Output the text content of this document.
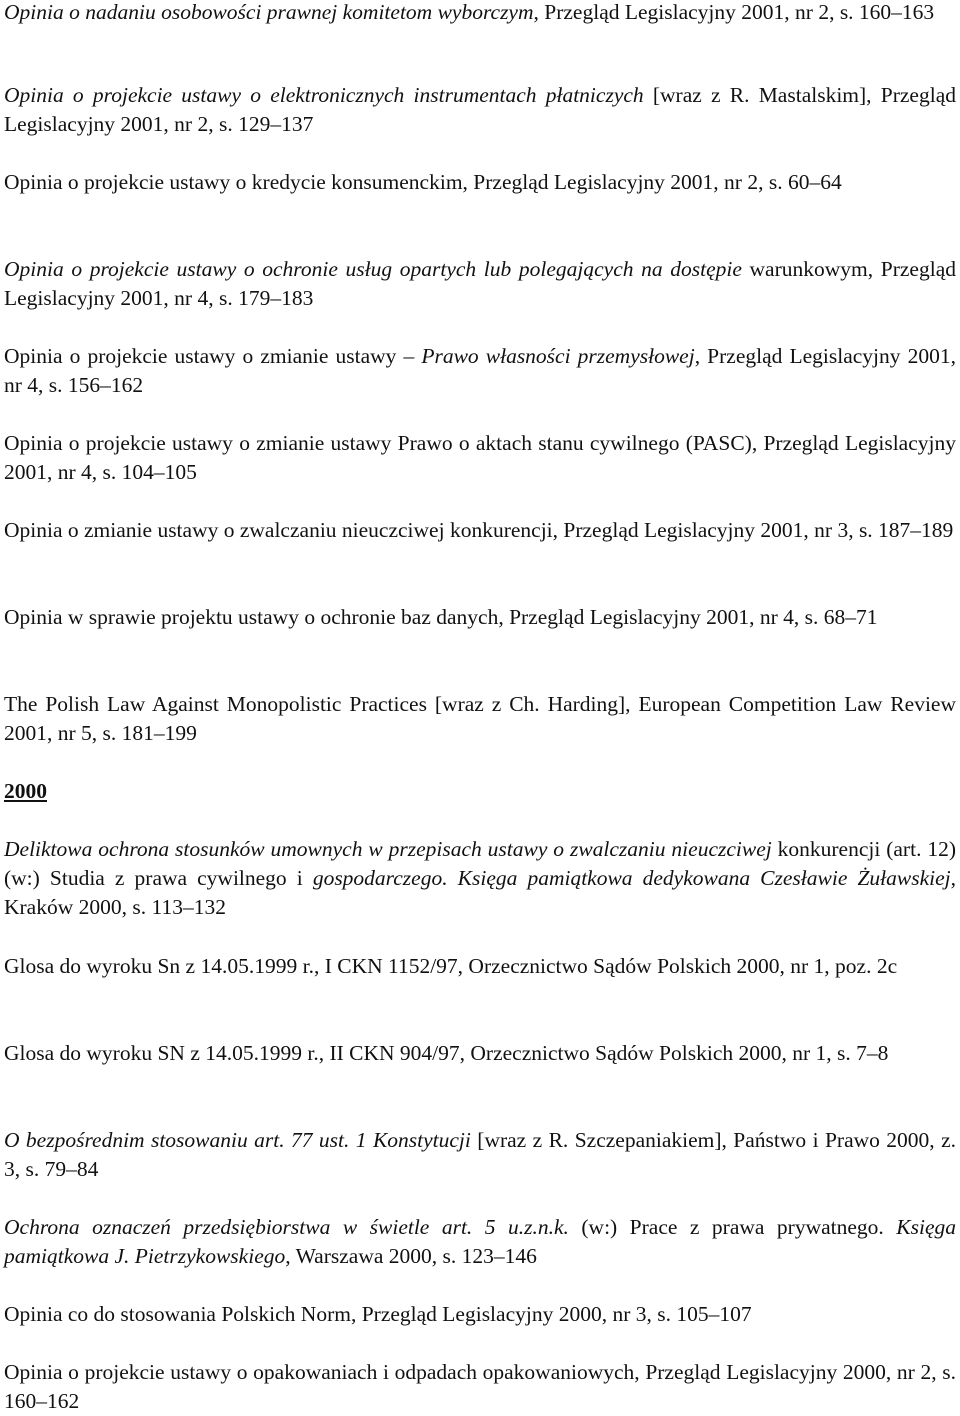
Opinia o nadaniu osobowości prawnej komitetom wyborczym, Przegląd Legislacyjny 2001, nr 2, s. 160–163

Opinia o projekcie ustawy o elektronicznych instrumentach płatniczych [wraz z R. Mastalskim], Przegląd Legislacyjny 2001, nr 2, s. 129–137

Opinia o projekcie ustawy o kredycie konsumenckim, Przegląd Legislacyjny 2001, nr 2, s. 60–64

Opinia o projekcie ustawy o ochronie usług opartych lub polegających na dostępie warunkowym, Przegląd Legislacyjny 2001, nr 4, s. 179–183

Opinia o projekcie ustawy o zmianie ustawy – Prawo własności przemysłowej, Przegląd Legislacyjny 2001, nr 4, s. 156–162

Opinia o projekcie ustawy o zmianie ustawy Prawo o aktach stanu cywilnego (PASC), Przegląd Legislacyjny 2001, nr 4, s. 104–105

Opinia o zmianie ustawy o zwalczaniu nieuczciwej konkurencji, Przegląd Legislacyjny 2001, nr 3, s. 187–189

Opinia w sprawie projektu ustawy o ochronie baz danych, Przegląd Legislacyjny 2001, nr 4, s. 68–71

The Polish Law Against Monopolistic Practices [wraz z Ch. Harding], European Competition Law Review 2001, nr 5, s. 181–199

2000

Deliktowa ochrona stosunków umownych w przepisach ustawy o zwalczaniu nieuczciwej konkurencji (art. 12) (w:) Studia z prawa cywilnego i gospodarczego. Księga pamiątkowa dedykowana Czesławie Żuławskiej, Kraków 2000, s. 113–132

Glosa do wyroku Sn z 14.05.1999 r., I CKN 1152/97, Orzecznictwo Sądów Polskich 2000, nr 1, poz. 2c

Glosa do wyroku SN z 14.05.1999 r., II CKN 904/97, Orzecznictwo Sądów Polskich 2000, nr 1, s. 7–8

O bezpośrednim stosowaniu art. 77 ust. 1 Konstytucji [wraz z R. Szczepaniakiem], Państwo i Prawo 2000, z. 3, s. 79–84

Ochrona oznaczeń przedsiębiorstwa w świetle art. 5 u.z.n.k. (w:) Prace z prawa prywatnego. Księga pamiątkowa J. Pietrzykowskiego, Warszawa 2000, s. 123–146

Opinia co do stosowania Polskich Norm, Przegląd Legislacyjny 2000, nr 3, s. 105–107

Opinia o projekcie ustawy o opakowaniach i odpadach opakowaniowych, Przegląd Legislacyjny 2000, nr 2, s. 160–162
